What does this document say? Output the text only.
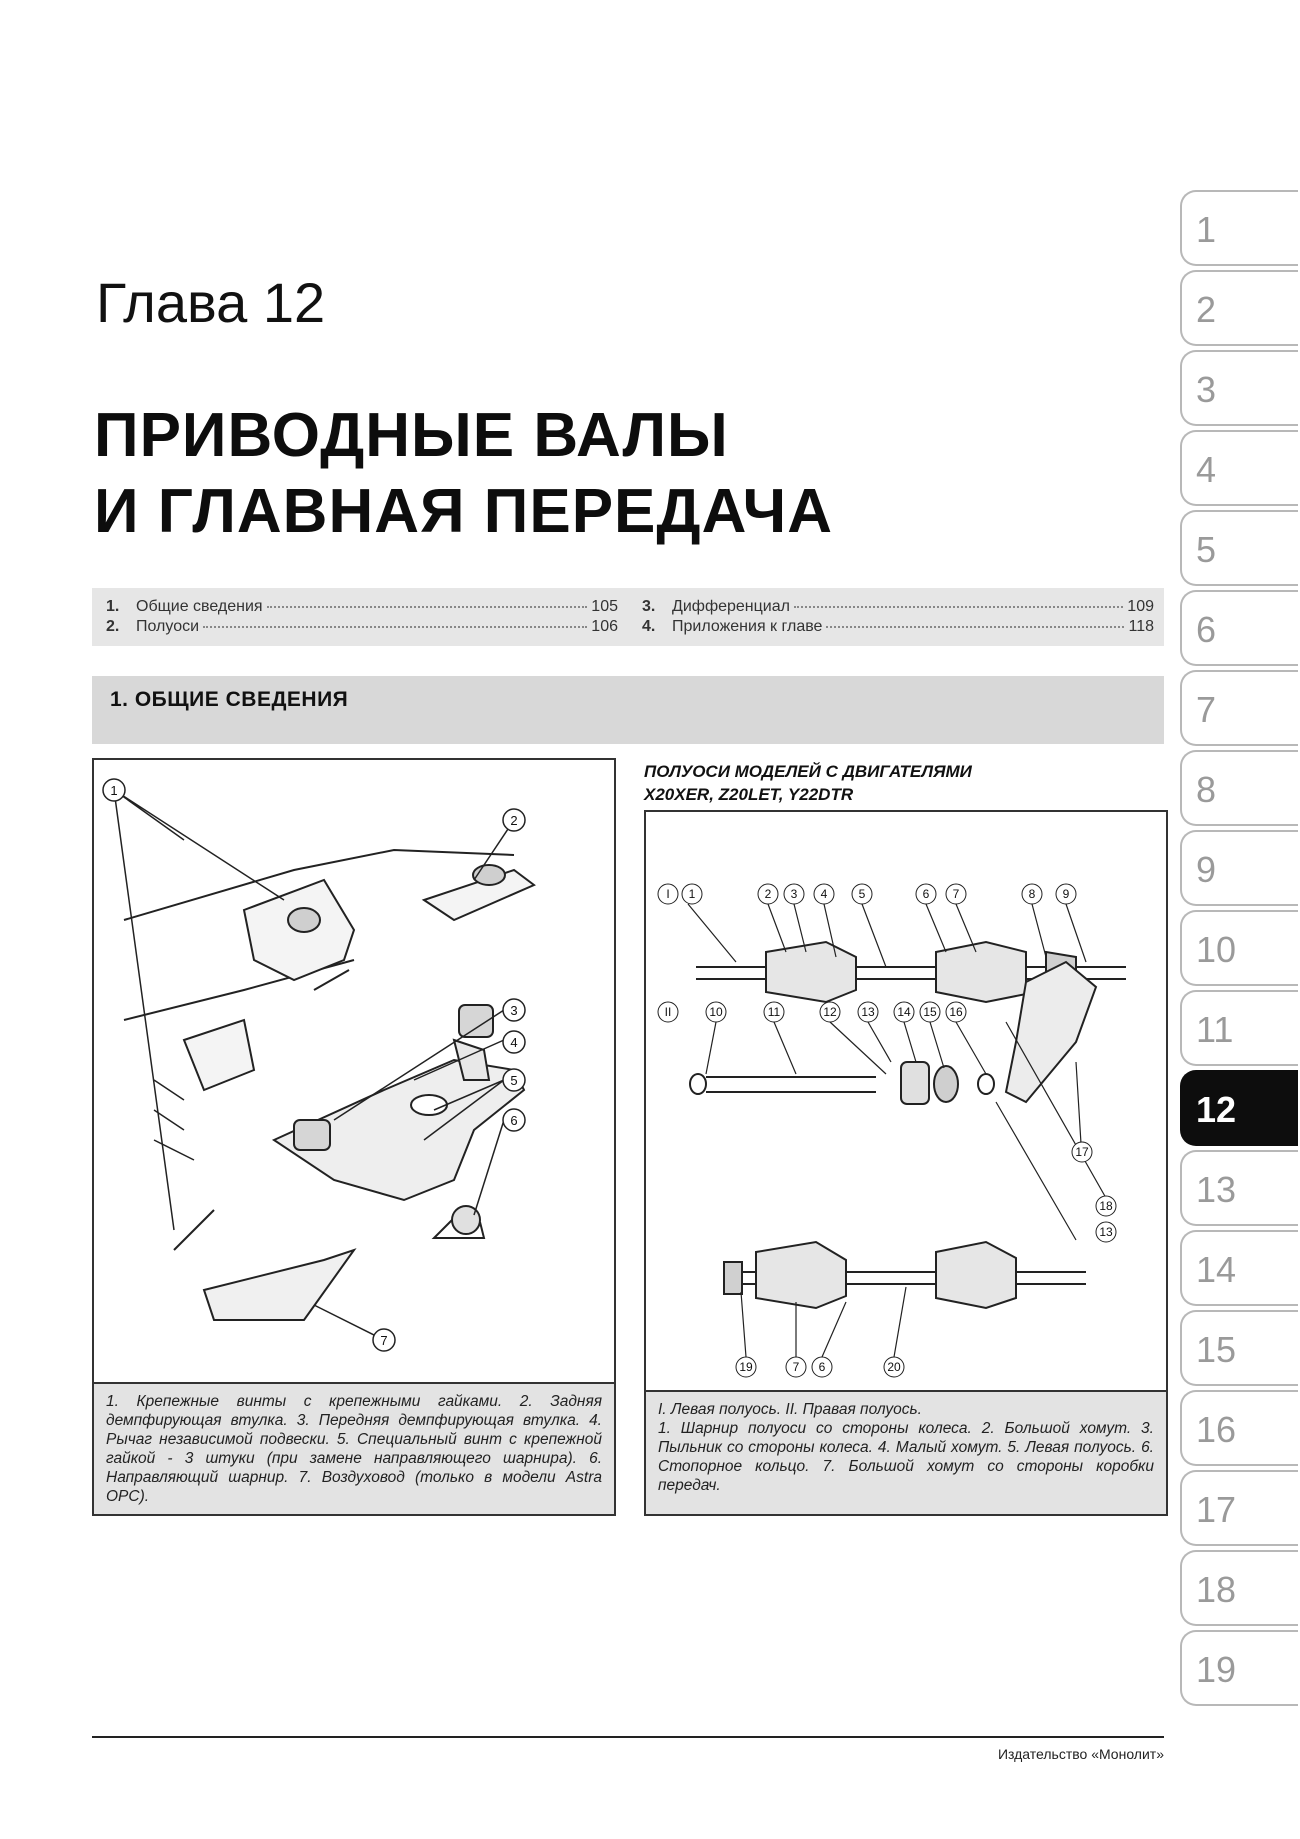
Глава 12
ПРИВОДНЫЕ ВАЛЫ
И ГЛАВНАЯ ПЕРЕДАЧА
1.	Общие сведения	105
2.	Полуоси	106
3.	Дифференциал	109
4.	Приложения к главе	118
1. ОБЩИЕ СВЕДЕНИЯ
1
2
3
4
5
6
7

1. Крепежные винты с крепежными гайками. 2. Задняя демпфирующая втулка. 3. Передняя демпфирующая втулка. 4. Рычаг независимой подвески. 5. Специальный винт с крепежной гайкой - 3 штуки (при замене направляющего шарнира). 6. Направляющий шарнир. 7. Воздуховод (только в модели Astra OPC).

ПОЛУОСИ МОДЕЛЕЙ С ДВИГАТЕЛЯМИ
X20XER, Z20LET, Y22DTR
I 1	2 3 4	5	6 7	8 9
II	10	11	12 13 14 15 16
17
18
13
19	7 6	20

I. Левая полуось. II. Правая полуось.

1. Шарнир полуоси со стороны колеса. 2. Большой хомут. 3. Пыльник со стороны колеса. 4. Малый хомут. 5. Левая полуось. 6. Стопорное кольцо. 7. Большой хомут со стороны коробки передач.

Издательство «Монолит»
1
2
3
4
5
6
7
8
9
10
11
12
13
14
15
16
17
18
19
